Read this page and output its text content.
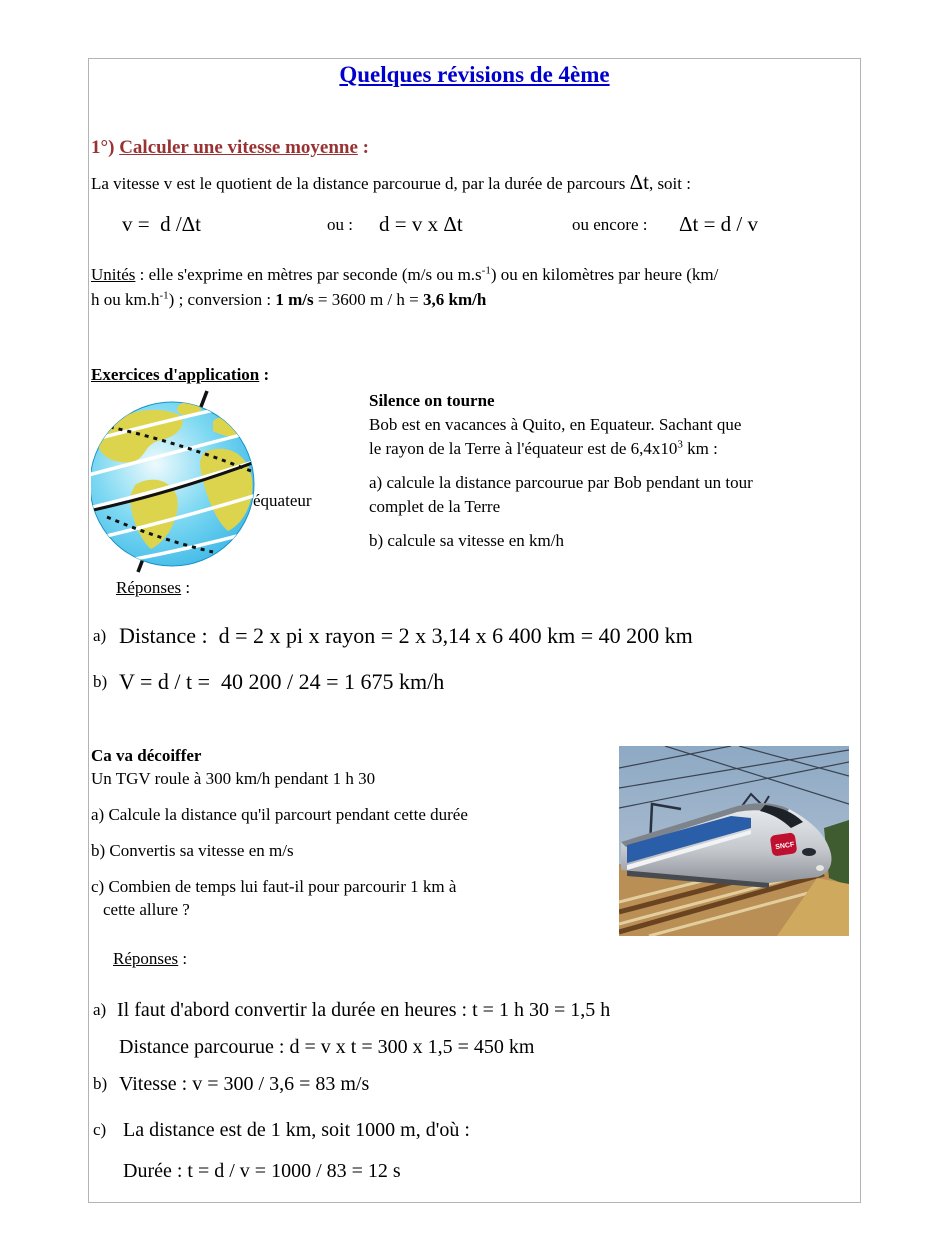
Quelques révisions de 4ème
1°) Calculer une vitesse moyenne :
La vitesse v est le quotient de la distance parcourue d, par la durée de parcours Δt, soit :
v =  d /Δt	ou : d = v x Δt	ou encore : Δt = d / v
Unités : elle s'exprime en mètres par seconde (m/s ou $m.s^{-1}$) ou en kilomètres par heure (km/
h ou $km.h^{-1}$) ; conversion : 1 m/s = 3600 m / h = 3,6 km/h
Exercices d'application :
équateur
Silence on tourne
Bob est en vacances à Quito, en Equateur. Sachant que
le rayon de la Terre à l'équateur est de $6,4x10^3$ km :
a) calcule la distance parcourue par Bob pendant un tour
complet de la Terre
b) calcule sa vitesse en km/h
Réponses :
a) Distance :  d = 2 x pi x rayon = 2 x 3,14 x 6 400 km = 40 200 km
b) V = d / t =  40 200 / 24 = 1 675 km/h
Ca va décoiffer
Un TGV roule à 300 km/h pendant 1 h 30
a) Calcule la distance qu'il parcourt pendant cette durée
b) Convertis sa vitesse en m/s
c) Combien de temps lui faut-il pour parcourir 1 km à
cette allure ?
SNCF
Réponses :
a) Il faut d'abord convertir la durée en heures : t = 1 h 30 = 1,5 h
Distance parcourue : d = v x t = 300 x 1,5 = 450 km
b) Vitesse : v = 300 / 3,6 = 83 m/s
c) La distance est de 1 km, soit 1000 m, d'où :
Durée : t = d / v = 1000 / 83 = 12 s
